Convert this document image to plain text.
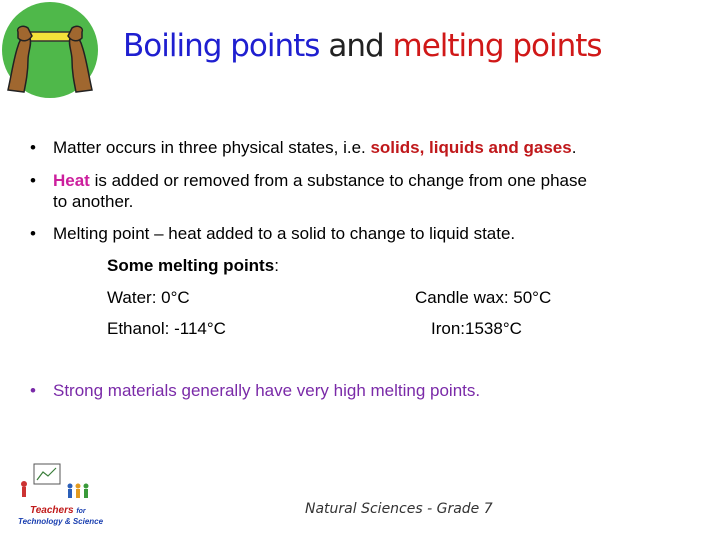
Boiling points and melting points
• Matter occurs in three physical states, i.e. solids, liquids and gases.
• Heat is added or removed from a substance to change from one phase
to another.
• Melting point – heat added to a solid to change to liquid state.
• Strong materials generally have very high melting points.
Some melting points:
Water: 0°C	Candle wax: 50°C
Ethanol: -114°C	Iron:1538°C
Teachers for
Technology & Science
Natural Sciences - Grade 7
